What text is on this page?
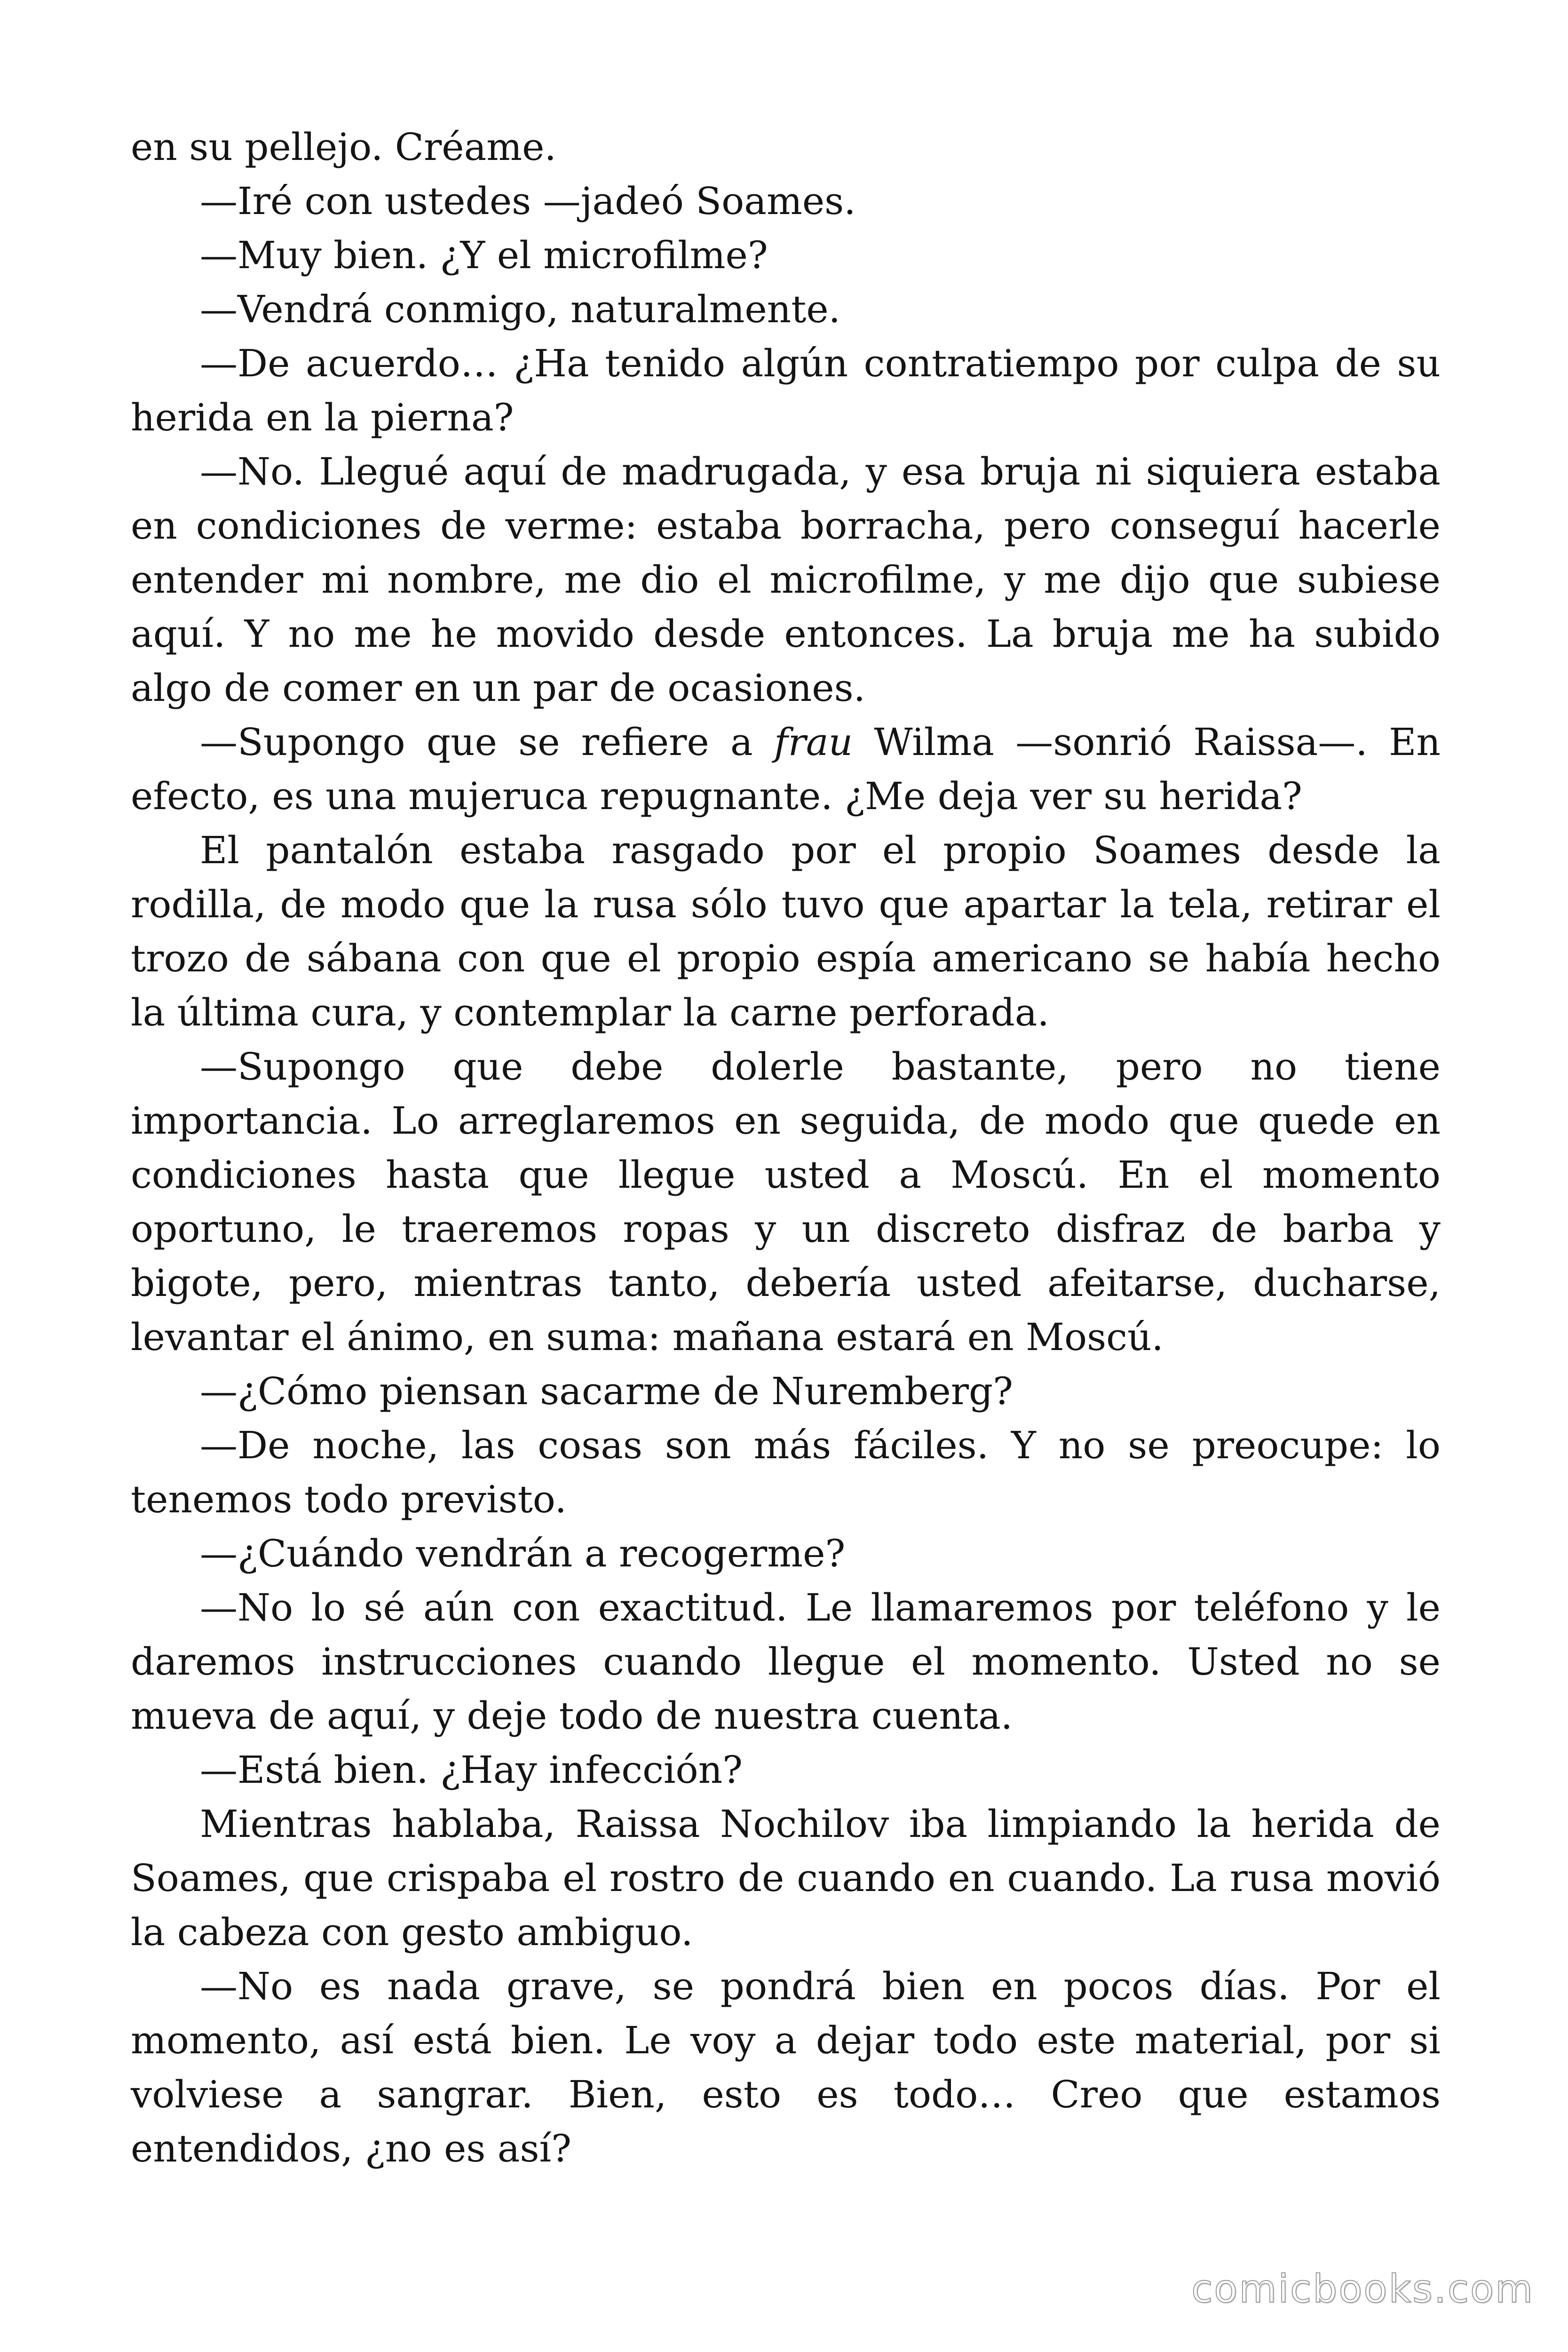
en su pellejo. Créame.

—Iré con ustedes —jadeó Soames.

—Muy bien. ¿Y el microfilme?

—Vendrá conmigo, naturalmente.

—De acuerdo… ¿Ha tenido algún contratiempo por culpa de su herida en la pierna?

—No. Llegué aquí de madrugada, y esa bruja ni siquiera estaba en condiciones de verme: estaba borracha, pero conseguí hacerle entender mi nombre, me dio el microfilme, y me dijo que subiese aquí. Y no me he movido desde entonces. La bruja me ha subido algo de comer en un par de ocasiones.

—Supongo que se refiere a frau Wilma —sonrió Raissa—. En efecto, es una mujeruca repugnante. ¿Me deja ver su herida?

El pantalón estaba rasgado por el propio Soames desde la rodilla, de modo que la rusa sólo tuvo que apartar la tela, retirar el trozo de sábana con que el propio espía americano se había hecho la última cura, y contemplar la carne perforada.

—Supongo que debe dolerle bastante, pero no tiene importancia. Lo arreglaremos en seguida, de modo que quede en condiciones hasta que llegue usted a Moscú. En el momento oportuno, le traeremos ropas y un discreto disfraz de barba y bigote, pero, mientras tanto, debería usted afeitarse, ducharse, levantar el ánimo, en suma: mañana estará en Moscú.

—¿Cómo piensan sacarme de Nuremberg?

—De noche, las cosas son más fáciles. Y no se preocupe: lo tenemos todo previsto.

—¿Cuándo vendrán a recogerme?

—No lo sé aún con exactitud. Le llamaremos por teléfono y le daremos instrucciones cuando llegue el momento. Usted no se mueva de aquí, y deje todo de nuestra cuenta.

—Está bien. ¿Hay infección?

Mientras hablaba, Raissa Nochilov iba limpiando la herida de Soames, que crispaba el rostro de cuando en cuando. La rusa movió la cabeza con gesto ambiguo.

—No es nada grave, se pondrá bien en pocos días. Por el momento, así está bien. Le voy a dejar todo este material, por si volviese a sangrar. Bien, esto es todo… Creo que estamos entendidos, ¿no es así?

comicbooks.com
